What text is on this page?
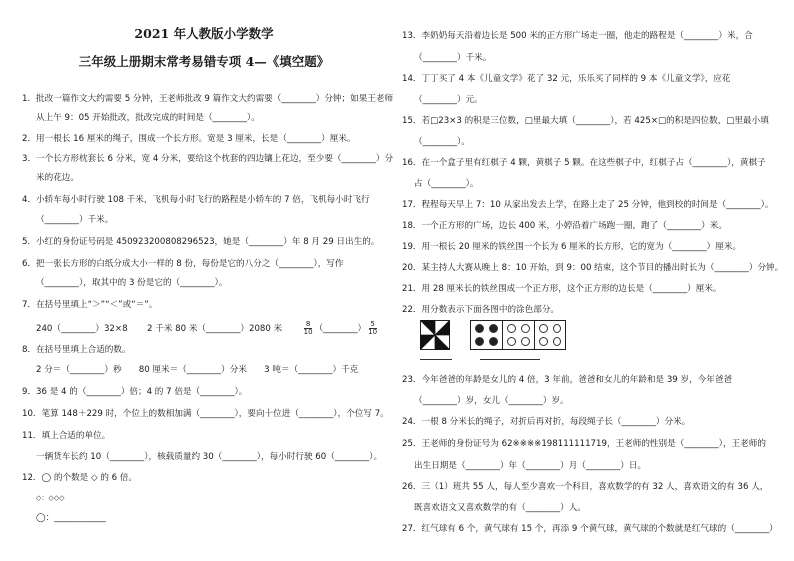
2021 年人教版小学数学
三年级上册期末常考易错专项 4—《填空题》
1．批改一篇作文大约需要 5 分钟，王老师批改 9 篇作文大约需要（________）分钟；如果王老师
从上午 9：05 开始批改，批改完成的时间是（________）。
2．用一根长 16 厘米的绳子，围成一个长方形。宽是 3 厘米，长是（________）厘米。
3．一个长方形枕套长 6 分米，宽 4 分米，要给这个枕套的四边镶上花边，至少要（________）分
米的花边。
4．小轿车每小时行驶 108 千米，飞机每小时飞行的路程是小轿车的 7 倍，飞机每小时飞行
（________）千米。
5．小红的身份证号码是 450923200808296523，她是（________）年 8 月 29 日出生的。
6．把一张长方形的白纸分成大小一样的 8 份，每份是它的八分之（________），写作
（________），取其中的 3 份是它的（________）。
7．在括号里填上“＞”“＜”或“＝”。
240（________）32×8 2 千米 80 米（________）2080 米	$\frac{8}{10}$ （________） $\frac{5}{10}$
8．在括号里填上合适的数。
2 分＝（________）秒　　80 厘米＝（________）分米　　3 吨＝（________）千克
9．36 是 4 的（________）倍；4 的 7 倍是（________）。
10．笔算 148＋229 时，个位上的数相加满（________），要向十位进（________），个位写 7。
11．填上合适的单位。
一辆货车长约 10（________），核载质量约 30（________），每小时行驶 60（________）。
12．◯ 的个数是 ◇ 的 6 倍。
◇：◇◇◇
◯：____________
13．李奶奶每天沿着边长是 500 米的正方形广场走一圈，他走的路程是（________）米，合
（________）千米。
14．丁丁买了 4 本《儿童文学》花了 32 元，乐乐买了同样的 9 本《儿童文学》，应花
（________）元。
15．若□23×3 的积是三位数，□里最大填（________），若 425×□的积是四位数，□里最小填
（________）。
16．在一个盒子里有红棋子 4 颗，黄棋子 5 颗。在这些棋子中，红棋子占（________），黄棋子
占（________）。
17．程程每天早上 7：10 从家出发去上学，在路上走了 25 分钟，他到校的时间是（________）。
18．一个正方形的广场，边长 400 米，小婷沿着广场跑一圈，跑了（________）米。
19．用一根长 20 厘米的铁丝围一个长为 6 厘米的长方形，它的宽为（________）厘米。
20．某主持人大赛从晚上 8：10 开始，到 9：00 结束，这个节目的播出时长为（________）分钟。
21．用 28 厘米长的铁丝围成一个正方形，这个正方形的边长是（________）厘米。
22．用分数表示下面各图中的涂色部分。
23．今年爸爸的年龄是女儿的 4 倍，3 年前，爸爸和女儿的年龄和是 39 岁，今年爸爸
（________）岁，女儿（________）岁。
24．一根 8 分米长的绳子，对折后再对折，每段绳子长（________）分米。
25．王老师的身份证号为 62※※※※198111111719，王老师的性别是（________），王老师的
出生日期是（________）年（________）月（________）日。
26．三（1）班共 55 人，每人至少喜欢一个科目，喜欢数学的有 32 人，喜欢语文的有 36 人，
既喜欢语文又喜欢数学的有（________）人。
27．红气球有 6 个，黄气球有 15 个，再添 9 个黄气球，黄气球的个数就是红气球的（________）
